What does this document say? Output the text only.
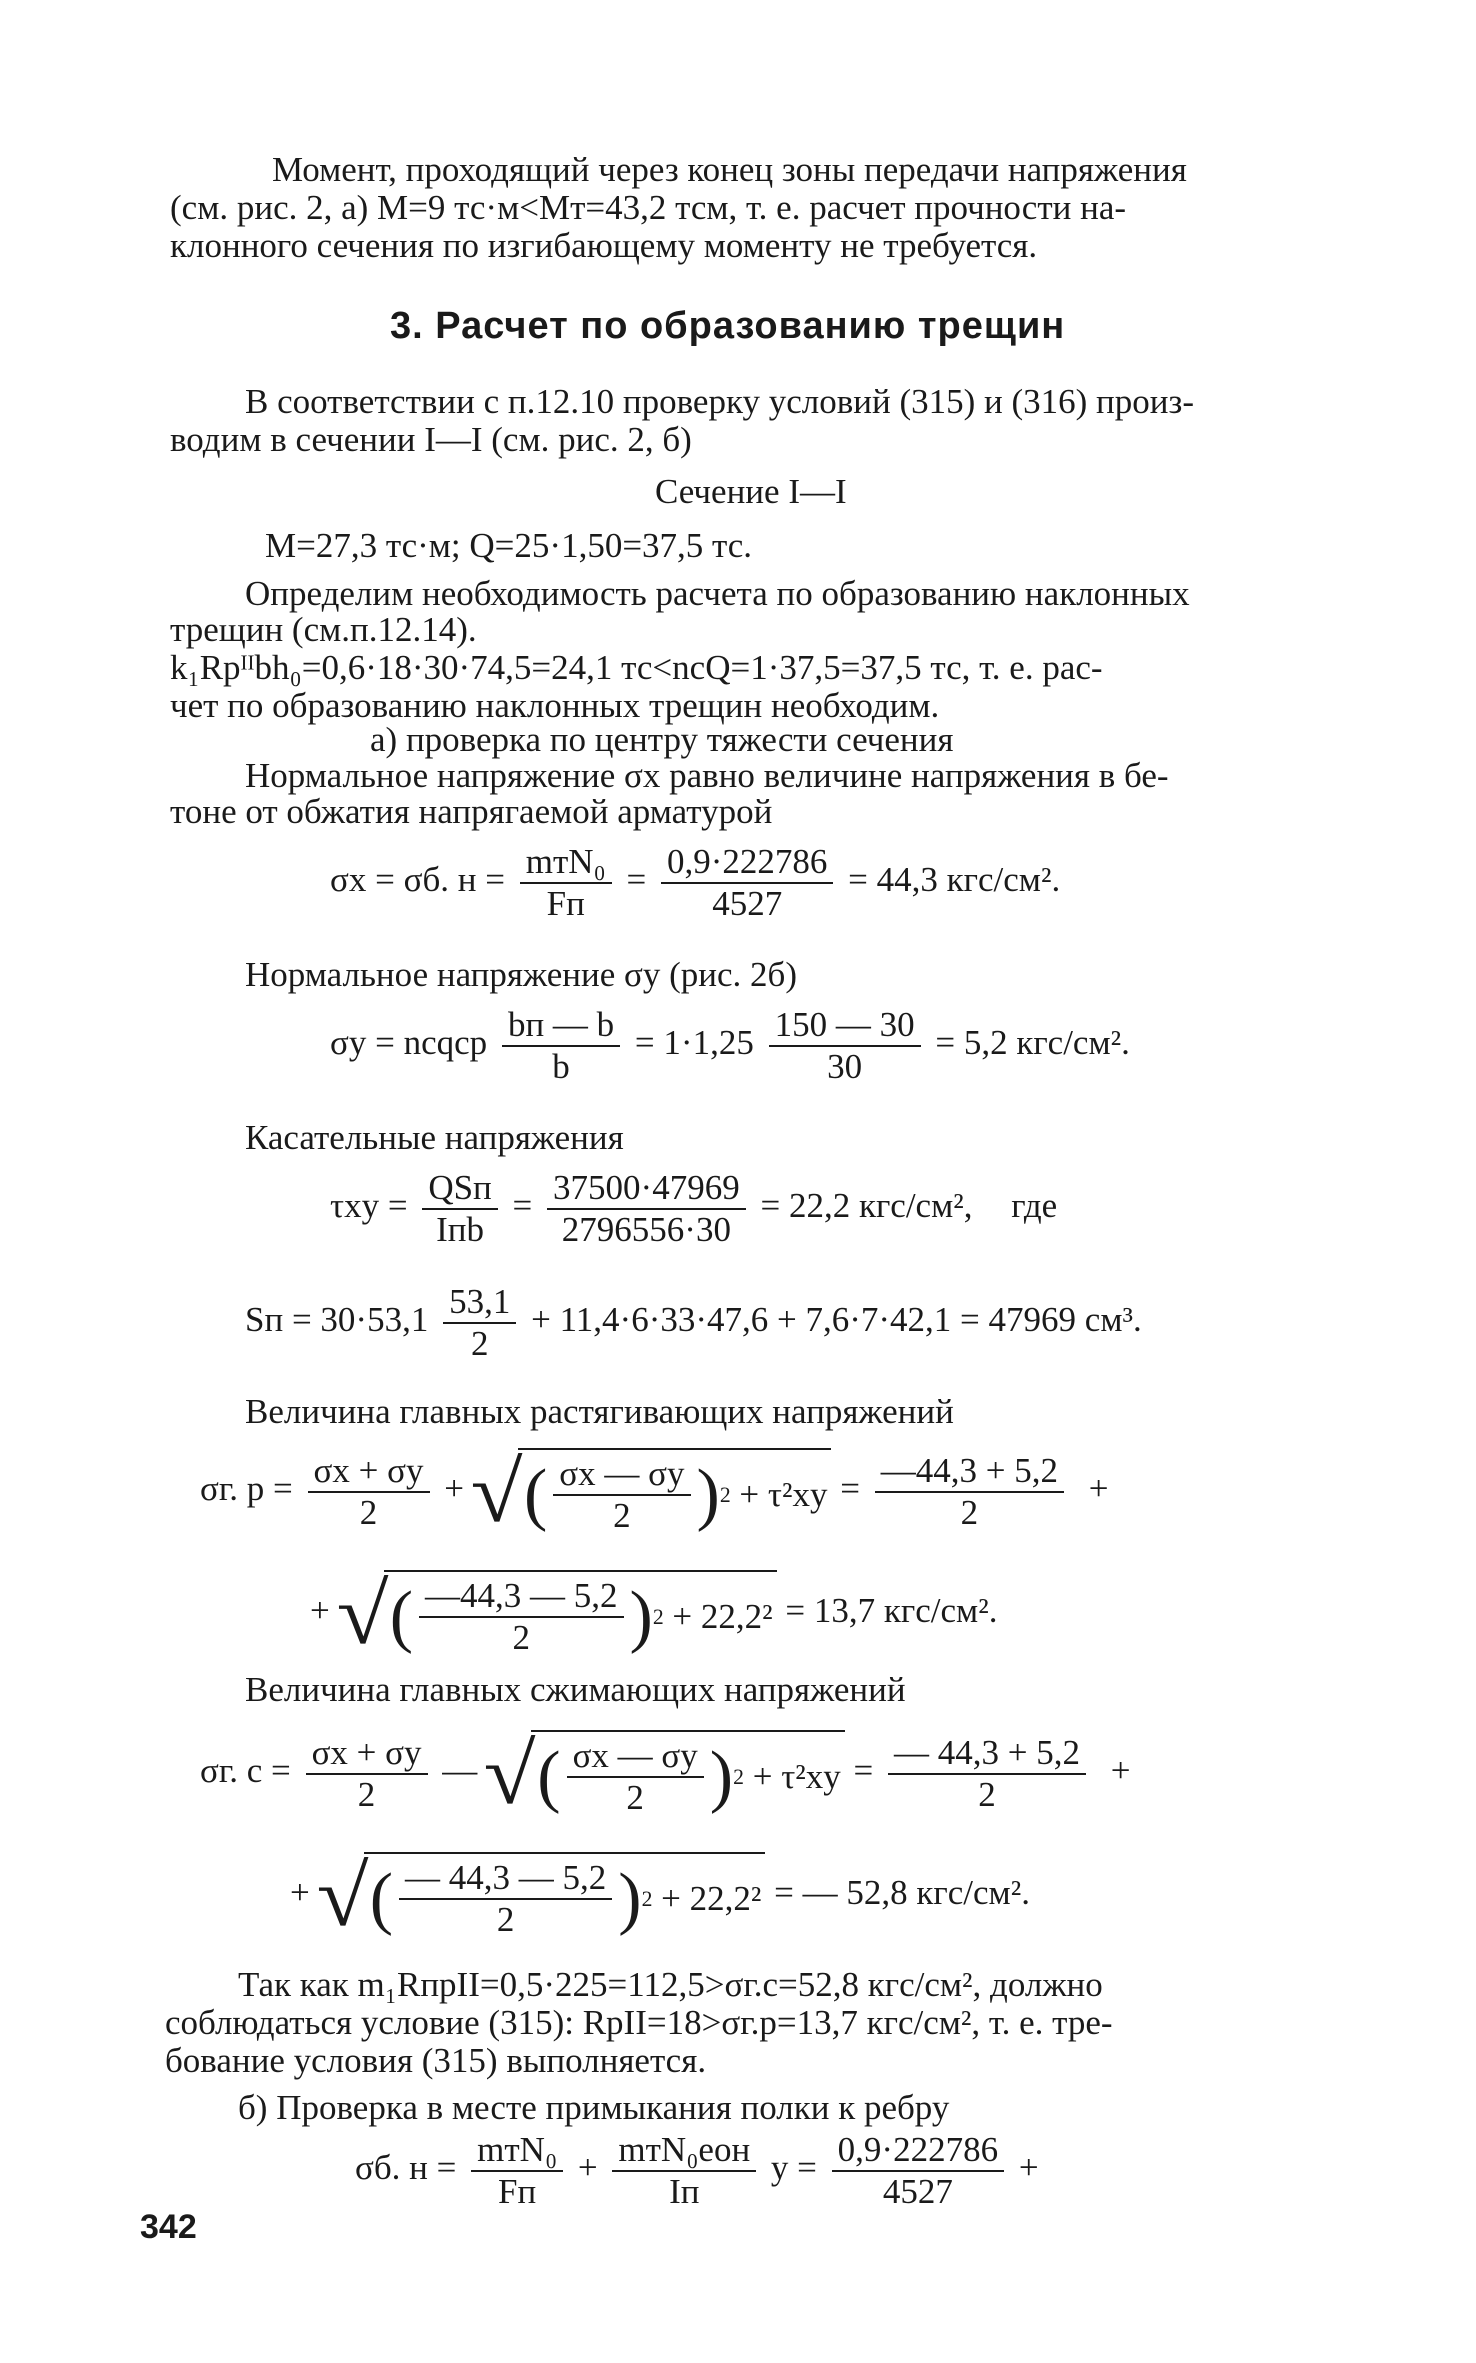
Момент, проходящий через конец зоны передачи напряжения
(см. рис. 2, a) M=9 тс·м<Mт=43,2 тсм, т. е. расчет прочности на-
клонного сечения по изгибающему моменту не требуется.
3. Расчет по образованию трещин
В соответствии с п.12.10 проверку условий (315) и (316) произ-
водим в сечении I—I (см. рис. 2, б)
Сечение I—I
M=27,3 тс·м; Q=25·1,50=37,5 тс.
Определим необходимость расчета по образованию наклонных
трещин (см.п.12.14).
k₁Rрᴵᴵbh₀=0,6·18·30·74,5=24,1 тс<nсQ=1·37,5=37,5 тс, т. е. рас-
чет по образованию наклонных трещин необходим.
а) проверка по центру тяжести сечения
Нормальное напряжение σx равно величине напряжения в бе-
тоне от обжатия напрягаемой арматурой
σx = σб. $н = \frac{\text{mтN₀}}{Fп} = \frac{0,9\cdot 222786}{4527} = 44,3$ кгс/см².
Нормальное напряжение σy (рис. 2б)
σy = nсqср $\frac{bп — b}{b} = 1\cdot 1,25 \frac{150 — 30}{30} = 5,2$ кгс/см².
Касательные напряжения
$\tau xy = \frac{\text{QSп}}{\text{Iпb}} = \frac{37500\cdot 47969}{2796556\cdot 30} = 22,2$ кгс/см², где
Sп = $30\cdot 53,1 \frac{53,1}{2} + 11,4\cdot 6\cdot 33\cdot 47,6 + 7,6\cdot 7\cdot 42,1 = 47969$ см³.
Величина главных растягивающих напряжений
σг. $р = \frac{\sigma x + \sigma y}{2}$ + √ ( $\frac{\sigma x — \sigma y}{2}$ ) 2
+ $\tau^2xy = \frac{—44,3 + 5,2}{2}$ +
+ √ ( $\frac{—44,3 — 5,2}{2}$ ) 2
+ 22,2² = 13,7 кгс/см².
Величина главных сжимающих напряжений
σг. $с = \frac{\sigma x + \sigma y}{2}$ — √ ( $\frac{\sigma x — \sigma y}{2}$ ) 2
+ $\tau^2xy = \frac{— 44,3 + 5,2}{2}$ +
+ √ ( $\frac{— 44,3 — 5,2}{2}$ ) 2
+ 22,2² = — 52,8 кгс/см².
Так как m₁RпрII=0,5·225=112,5>σг.с=52,8 кгс/см², должно
соблюдаться условие (315): RрII=18>σг.р=13,7 кгс/см², т. е. тре-
бование условия (315) выполняется.
б) Проверка в месте примыкания полки к ребру
σб. $н = \frac{\text{mтN₀}}{Fп} + \frac{\text{mтN₀eон}}{Iп}$ $y = \frac{0,9\cdot 222786}{4527}$ +
342
